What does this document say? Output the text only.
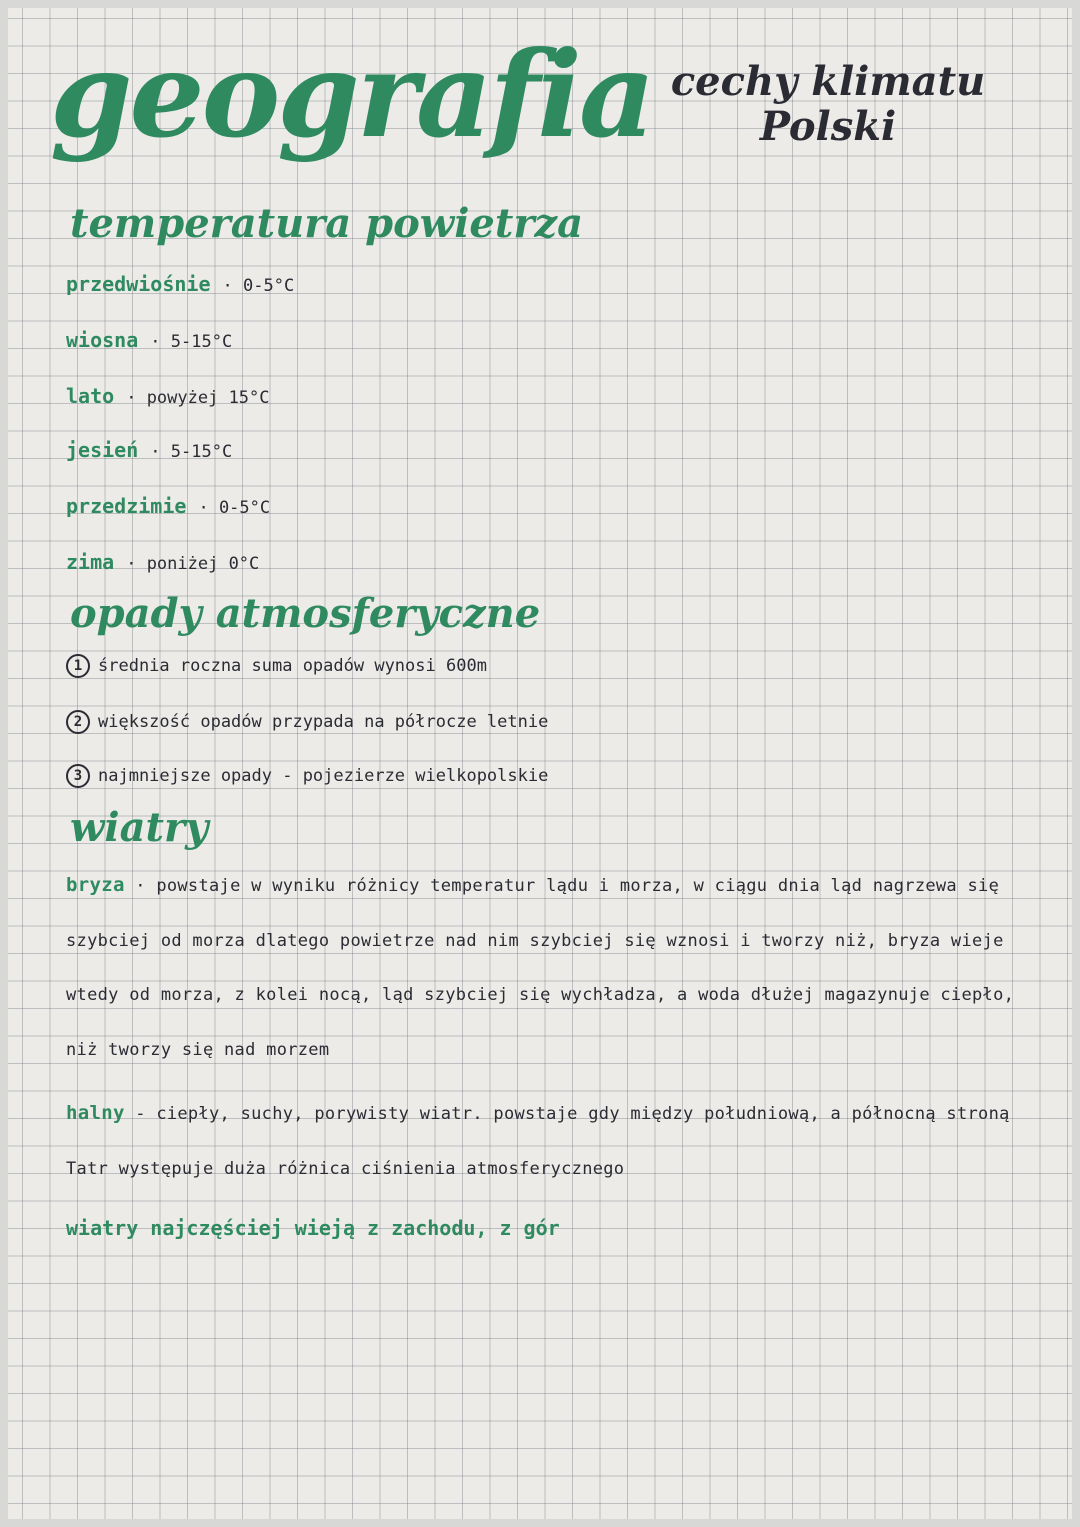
geografia cechy klimatu Polski
temperatura powietrza
przedwiośnie · 0-5°C
wiosna · 5-15°C
lato · powyżej 15°C
jesień · 5-15°C
przedzimie · 0-5°C
zima · poniżej 0°C
opady atmosferyczne
1 średnia roczna suma opadów wynosi 600m
2 większość opadów przypada na półrocze letnie
3 najmniejsze opady - pojezierze wielkopolskie
wiatry
bryza · powstaje w wyniku różnicy temperatur lądu i morza, w ciągu dnia ląd nagrzewa się szybciej od morza dlatego powietrze nad nim szybciej się wznosi i tworzy niż, bryza wieje wtedy od morza, z kolei nocą, ląd szybciej się wychładza, a woda dłużej magazynuje ciepło, niż tworzy się nad morzem
halny - ciepły, suchy, porywisty wiatr. powstaje gdy między południową, a północną stroną Tatr występuje duża różnica ciśnienia atmosferycznego
wiatry najczęściej wieją z zachodu, z gór
